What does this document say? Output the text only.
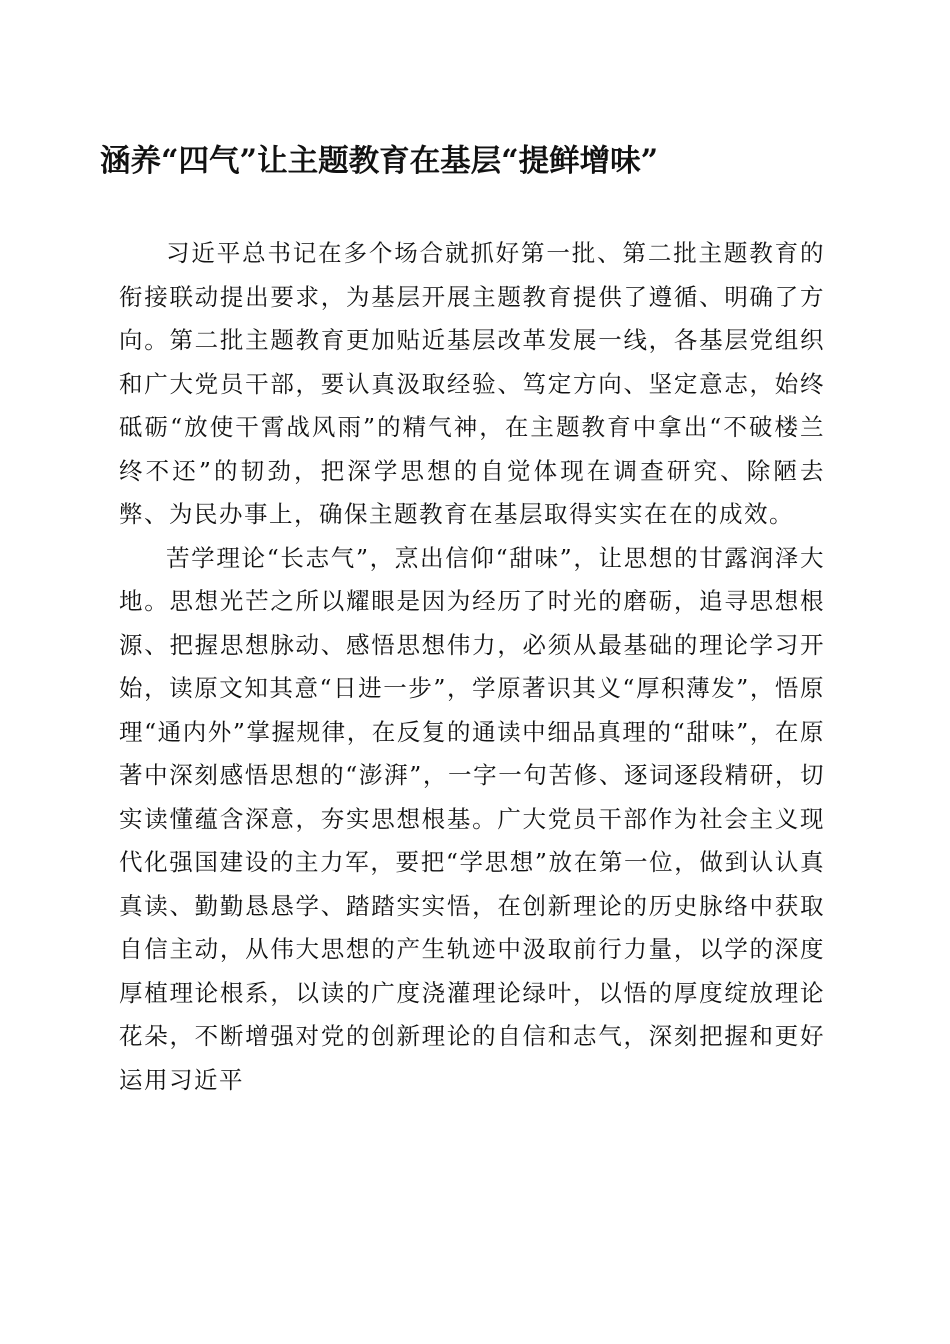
涵养“四气”让主题教育在基层“提鲜增味”

习近平总书记在多个场合就抓好第一批、第二批主题教育的衔接联动提出要求，为基层开展主题教育提供了遵循、明确了方向。第二批主题教育更加贴近基层改革发展一线，各基层党组织和广大党员干部，要认真汲取经验、笃定方向、坚定意志，始终砥砺“放使干霄战风雨”的精气神，在主题教育中拿出“不破楼兰终不还”的韧劲，把深学思想的自觉体现在调查研究、除陋去弊、为民办事上，确保主题教育在基层取得实实在在的成效。

苦学理论“长志气”，烹出信仰“甜味”，让思想的甘露润泽大地。思想光芒之所以耀眼是因为经历了时光的磨砺，追寻思想根源、把握思想脉动、感悟思想伟力，必须从最基础的理论学习开始，读原文知其意“日进一步”，学原著识其义“厚积薄发”，悟原理“通内外”掌握规律，在反复的通读中细品真理的“甜味”，在原著中深刻感悟思想的“澎湃”，一字一句苦修、逐词逐段精研，切实读懂蕴含深意，夯实思想根基。广大党员干部作为社会主义现代化强国建设的主力军，要把“学思想”放在第一位，做到认认真真读、勤勤恳恳学、踏踏实实悟，在创新理论的历史脉络中获取自信主动，从伟大思想的产生轨迹中汲取前行力量，以学的深度厚植理论根系，以读的广度浇灌理论绿叶，以悟的厚度绽放理论花朵，不断增强对党的创新理论的自信和志气，深刻把握和更好运用习近平
